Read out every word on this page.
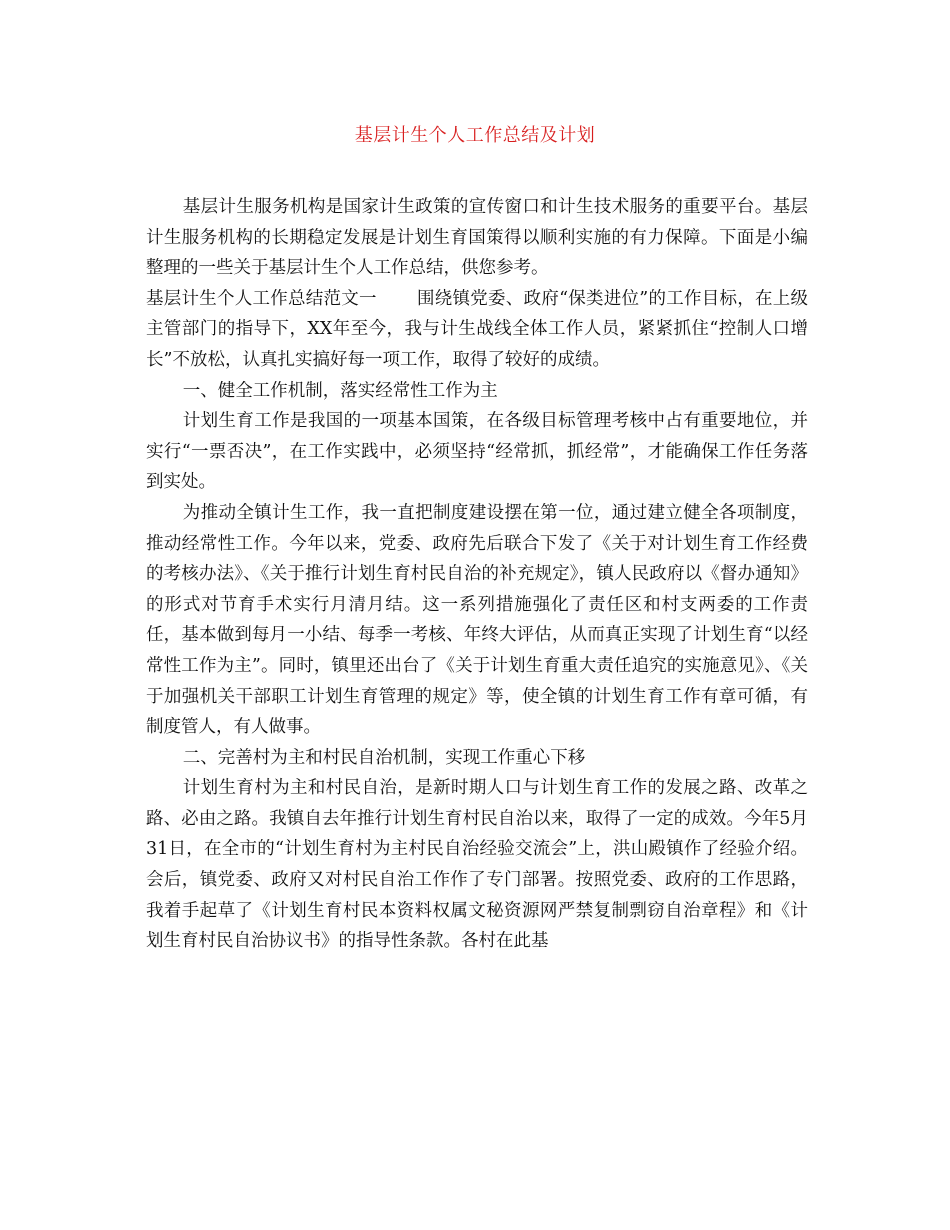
基层计生个人工作总结及计划

基层计生服务机构是国家计生政策的宣传窗口和计生技术服务的重要平台。基层计生服务机构的长期稳定发展是计划生育国策得以顺利实施的有力保障。下面是小编整理的一些关于基层计生个人工作总结，供您参考。

基层计生个人工作总结范文一 围绕镇党委、政府“保类进位”的工作目标，在上级主管部门的指导下，XX年至今，我与计生战线全体工作人员，紧紧抓住“控制人口增长”不放松，认真扎实搞好每一项工作，取得了较好的成绩。

一、健全工作机制，落实经常性工作为主

计划生育工作是我国的一项基本国策，在各级目标管理考核中占有重要地位，并实行“一票否决”，在工作实践中，必须坚持“经常抓，抓经常”，才能确保工作任务落到实处。

为推动全镇计生工作，我一直把制度建设摆在第一位，通过建立健全各项制度，推动经常性工作。今年以来，党委、政府先后联合下发了《关于对计划生育工作经费的考核办法》、《关于推行计划生育村民自治的补充规定》，镇人民政府以《督办通知》的形式对节育手术实行月清月结。这一系列措施强化了责任区和村支两委的工作责任，基本做到每月一小结、每季一考核、年终大评估，从而真正实现了计划生育“以经常性工作为主”。同时，镇里还出台了《关于计划生育重大责任追究的实施意见》、《关于加强机关干部职工计划生育管理的规定》等，使全镇的计划生育工作有章可循，有制度管人，有人做事。

二、完善村为主和村民自治机制，实现工作重心下移

计划生育村为主和村民自治，是新时期人口与计划生育工作的发展之路、改革之路、必由之路。我镇自去年推行计划生育村民自治以来，取得了一定的成效。今年5月31日，在全市的“计划生育村为主村民自治经验交流会”上，洪山殿镇作了经验介绍。会后，镇党委、政府又对村民自治工作作了专门部署。按照党委、政府的工作思路，我着手起草了《计划生育村民本资料权属文秘资源网严禁复制剽窃自治章程》和《计划生育村民自治协议书》的指导性条款。各村在此基
